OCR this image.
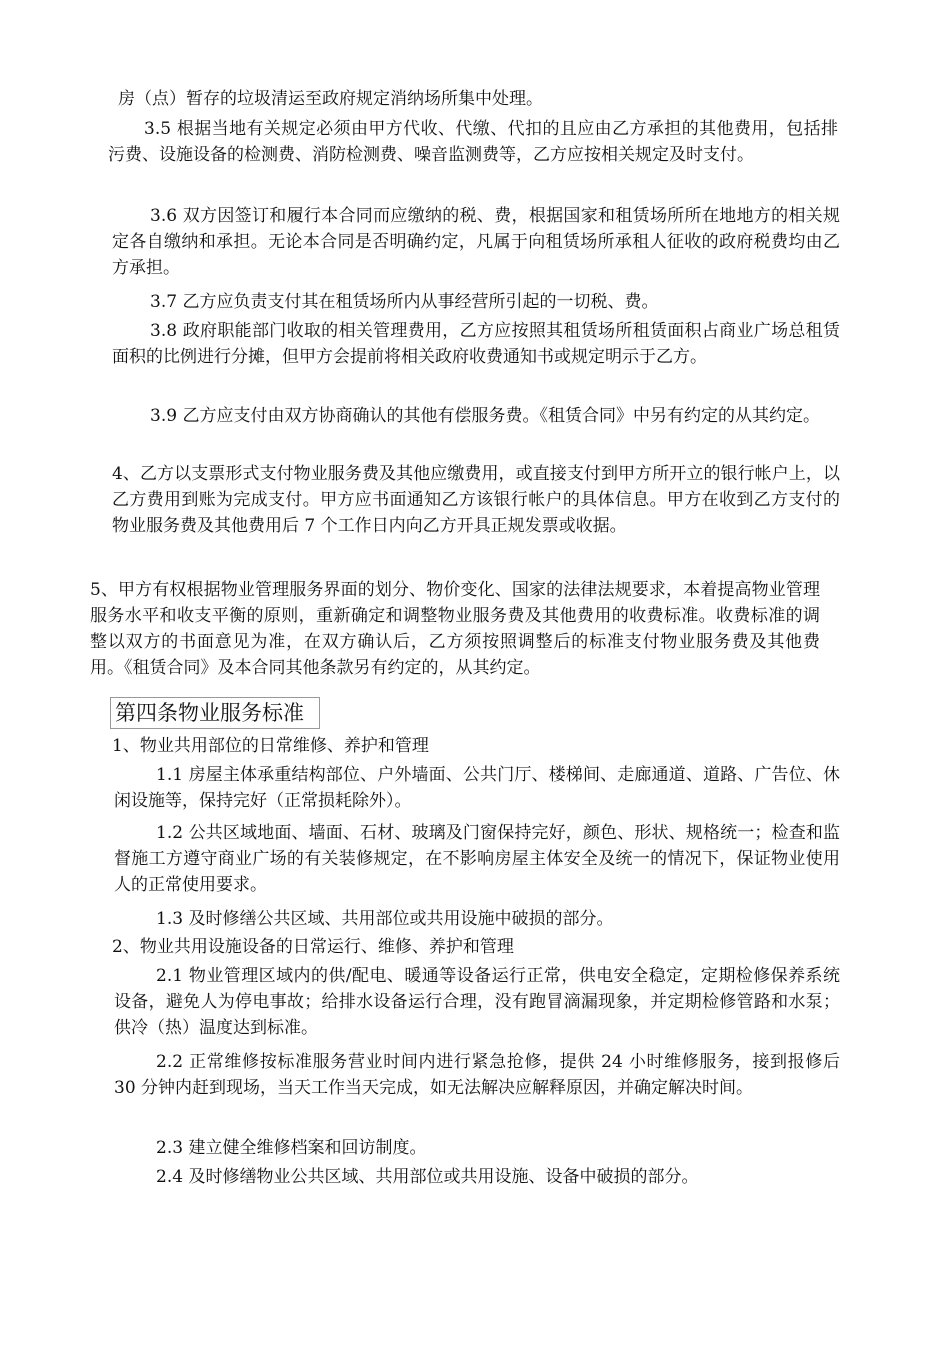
房（点）暂存的垃圾清运至政府规定消纳场所集中处理。
3.5 根据当地有关规定必须由甲方代收、代缴、代扣的且应由乙方承担的其他费用，包括排污费、设施设备的检测费、消防检测费、噪音监测费等，乙方应按相关规定及时支付。
3.6 双方因签订和履行本合同而应缴纳的税、费，根据国家和租赁场所所在地地方的相关规定各自缴纳和承担。无论本合同是否明确约定，凡属于向租赁场所承租人征收的政府税费均由乙方承担。
3.7 乙方应负责支付其在租赁场所内从事经营所引起的一切税、费。
3.8 政府职能部门收取的相关管理费用，乙方应按照其租赁场所租赁面积占商业广场总租赁面积的比例进行分摊，但甲方会提前将相关政府收费通知书或规定明示于乙方。
3.9 乙方应支付由双方协商确认的其他有偿服务费。《租赁合同》中另有约定的从其约定。
4、乙方以支票形式支付物业服务费及其他应缴费用，或直接支付到甲方所开立的银行帐户上，以乙方费用到账为完成支付。甲方应书面通知乙方该银行帐户的具体信息。甲方在收到乙方支付的物业服务费及其他费用后 7 个工作日内向乙方开具正规发票或收据。
5、甲方有权根据物业管理服务界面的划分、物价变化、国家的法律法规要求，本着提高物业管理服务水平和收支平衡的原则，重新确定和调整物业服务费及其他费用的收费标准。收费标准的调整以双方的书面意见为准，在双方确认后，乙方须按照调整后的标准支付物业服务费及其他费用。《租赁合同》及本合同其他条款另有约定的，从其约定。
第四条物业服务标准
1、物业共用部位的日常维修、养护和管理
1.1 房屋主体承重结构部位、户外墙面、公共门厅、楼梯间、走廊通道、道路、广告位、休闲设施等，保持完好（正常损耗除外）。
1.2 公共区域地面、墙面、石材、玻璃及门窗保持完好，颜色、形状、规格统一；检查和监督施工方遵守商业广场的有关装修规定，在不影响房屋主体安全及统一的情况下，保证物业使用人的正常使用要求。
1.3 及时修缮公共区域、共用部位或共用设施中破损的部分。
2、物业共用设施设备的日常运行、维修、养护和管理
2.1 物业管理区域内的供/配电、暖通等设备运行正常，供电安全稳定，定期检修保养系统设备，避免人为停电事故；给排水设备运行合理，没有跑冒滴漏现象，并定期检修管路和水泵；供冷（热）温度达到标准。
2.2 正常维修按标准服务营业时间内进行紧急抢修，提供 24 小时维修服务，接到报修后 30 分钟内赶到现场，当天工作当天完成，如无法解决应解释原因，并确定解决时间。
2.3 建立健全维修档案和回访制度。
2.4 及时修缮物业公共区域、共用部位或共用设施、设备中破损的部分。
